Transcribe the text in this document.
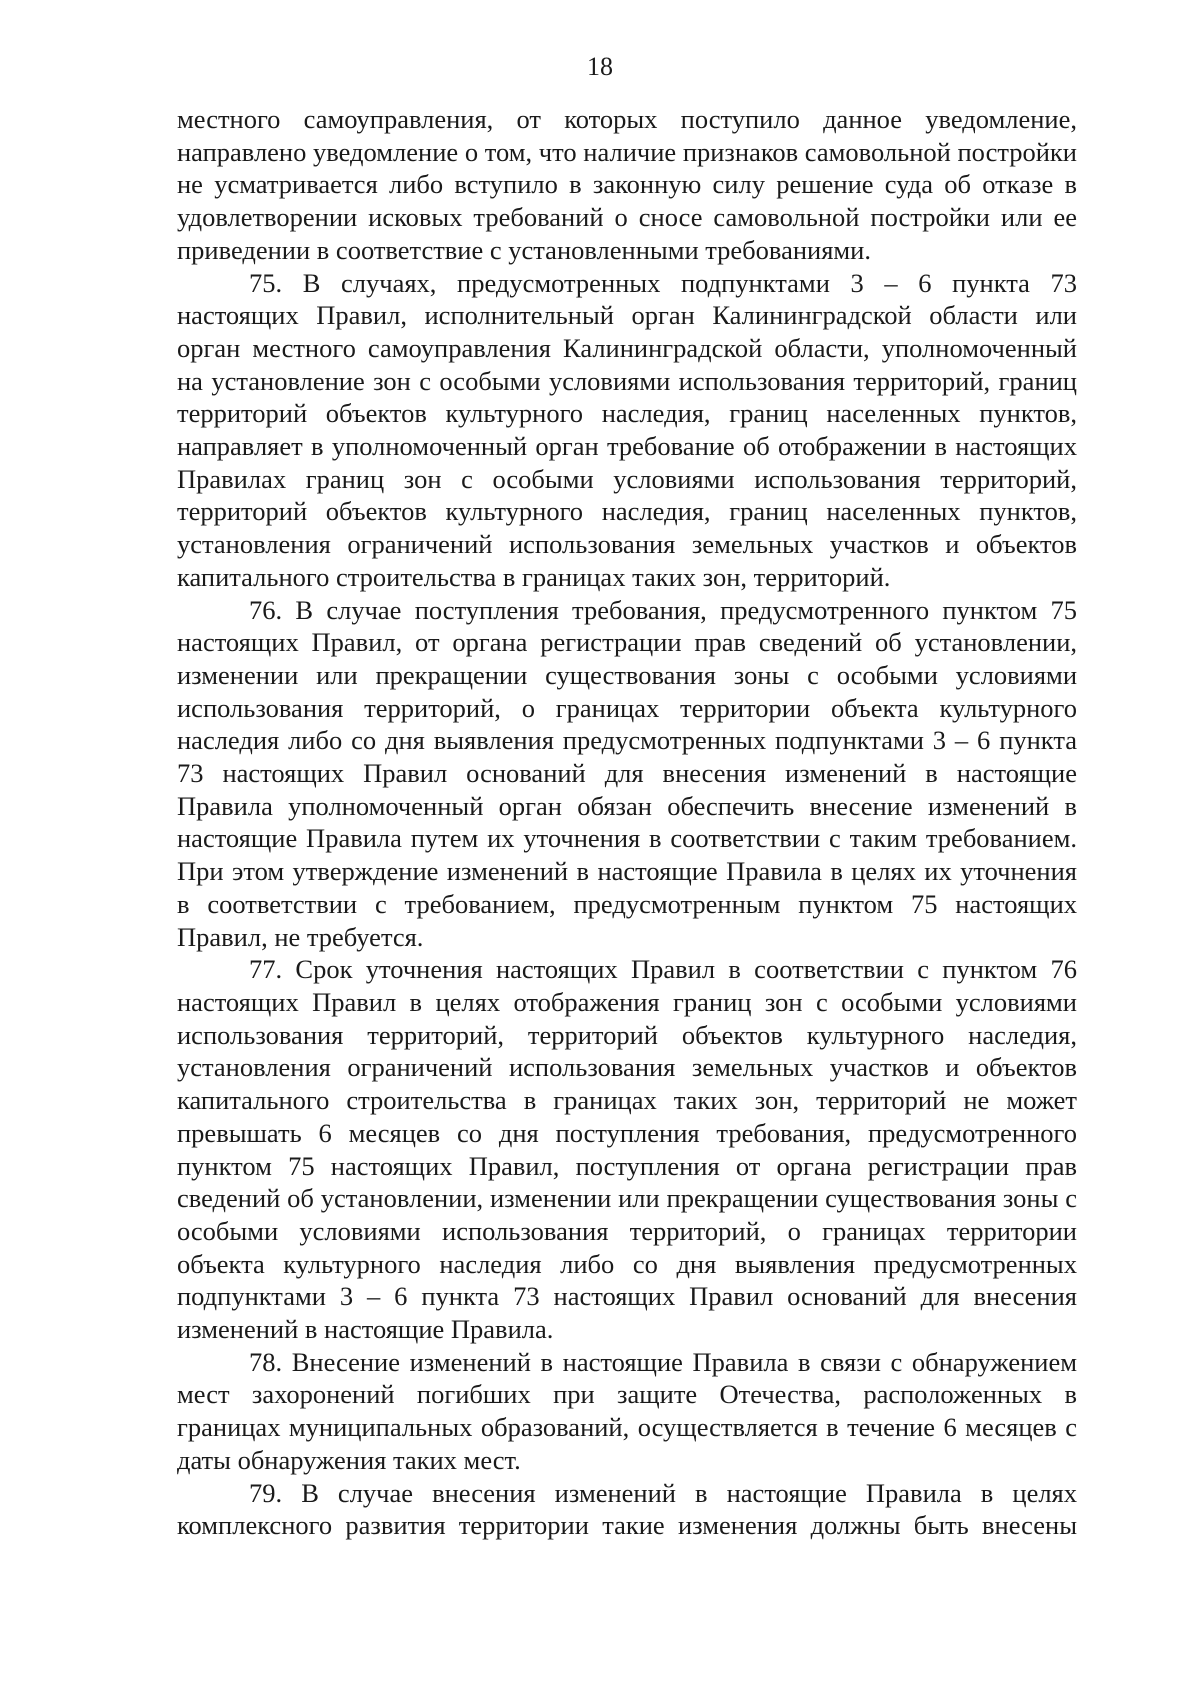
18

местного самоуправления, от которых поступило данное уведомление, направлено уведомление о том, что наличие признаков самовольной постройки не усматривается либо вступило в законную силу решение суда об отказе в удовлетворении исковых требований о сносе самовольной постройки или ее приведении в соответствие с установленными требованиями.

75. В случаях, предусмотренных подпунктами 3 – 6 пункта 73 настоящих Правил, исполнительный орган Калининградской области или орган местного самоуправления Калининградской области, уполномоченный на установление зон с особыми условиями использования территорий, границ территорий объектов культурного наследия, границ населенных пунктов, направляет в уполномоченный орган требование об отображении в настоящих Правилах границ зон с особыми условиями использования территорий, территорий объектов культурного наследия, границ населенных пунктов, установления ограничений использования земельных участков и объектов капитального строительства в границах таких зон, территорий.

76. В случае поступления требования, предусмотренного пунктом 75 настоящих Правил, от органа регистрации прав сведений об установлении, изменении или прекращении существования зоны с особыми условиями использования территорий, о границах территории объекта культурного наследия либо со дня выявления предусмотренных подпунктами 3 – 6 пункта 73 настоящих Правил оснований для внесения изменений в настоящие Правила уполномоченный орган обязан обеспечить внесение изменений в настоящие Правила путем их уточнения в соответствии с таким требованием. При этом утверждение изменений в настоящие Правила в целях их уточнения в соответствии с требованием, предусмотренным пунктом 75 настоящих Правил, не требуется.

77. Срок уточнения настоящих Правил в соответствии с пунктом 76 настоящих Правил в целях отображения границ зон с особыми условиями использования территорий, территорий объектов культурного наследия, установления ограничений использования земельных участков и объектов капитального строительства в границах таких зон, территорий не может превышать 6 месяцев со дня поступления требования, предусмотренного пунктом 75 настоящих Правил, поступления от органа регистрации прав сведений об установлении, изменении или прекращении существования зоны с особыми условиями использования территорий, о границах территории объекта культурного наследия либо со дня выявления предусмотренных подпунктами 3 – 6 пункта 73 настоящих Правил оснований для внесения изменений в настоящие Правила.

78. Внесение изменений в настоящие Правила в связи с обнаружением мест захоронений погибших при защите Отечества, расположенных в границах муниципальных образований, осуществляется в течение 6 месяцев с даты обнаружения таких мест.

79. В случае внесения изменений в настоящие Правила в целях комплексного развития территории такие изменения должны быть внесены
